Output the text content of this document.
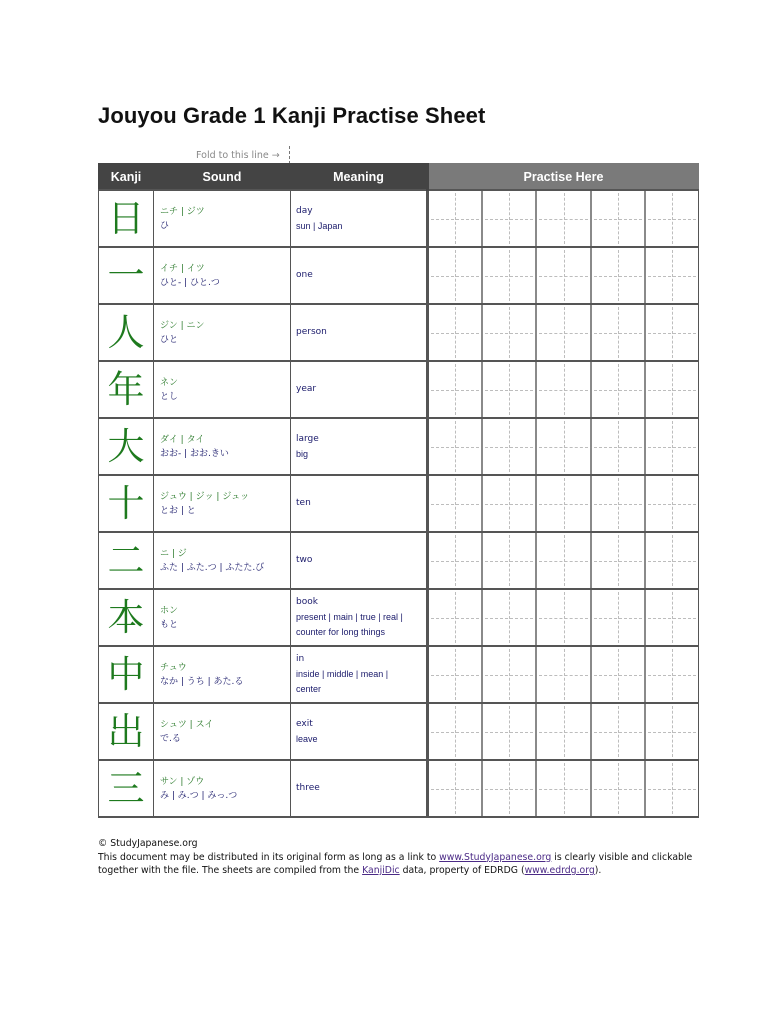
Jouyou Grade 1 Kanji Practise Sheet
Fold to this line →
Kanji	Sound	Meaning	Practise Here
日	ニチ | ジツ
ひ	day
sun | Japan	

一	イチ | イツ
ひと- | ひと.つ	one	

人	ジン | ニン
ひと	person	

年	ネン
とし	year	

大	ダイ | タイ
おお- | おお.きい	large
big	

十	ジュウ | ジッ | ジュッ
とお | と	ten	

二	ニ | ジ
ふた | ふた.つ | ふたた.び	two	

本	ホン
もと	book
present | main | true | real |
counter for long things	

中	チュウ
なか | うち | あた.る	in
inside | middle | mean |
center	

出	シュツ | スイ
で.る	exit
leave	

三	サン | ゾウ
み | み.つ | みっ.つ	three	

© StudyJapanese.org
This document may be distributed in its original form as long as a link to www.StudyJapanese.org is clearly visible and clickable
together with the file. The sheets are compiled from the KanjiDic data, property of EDRDG (www.edrdg.org).
